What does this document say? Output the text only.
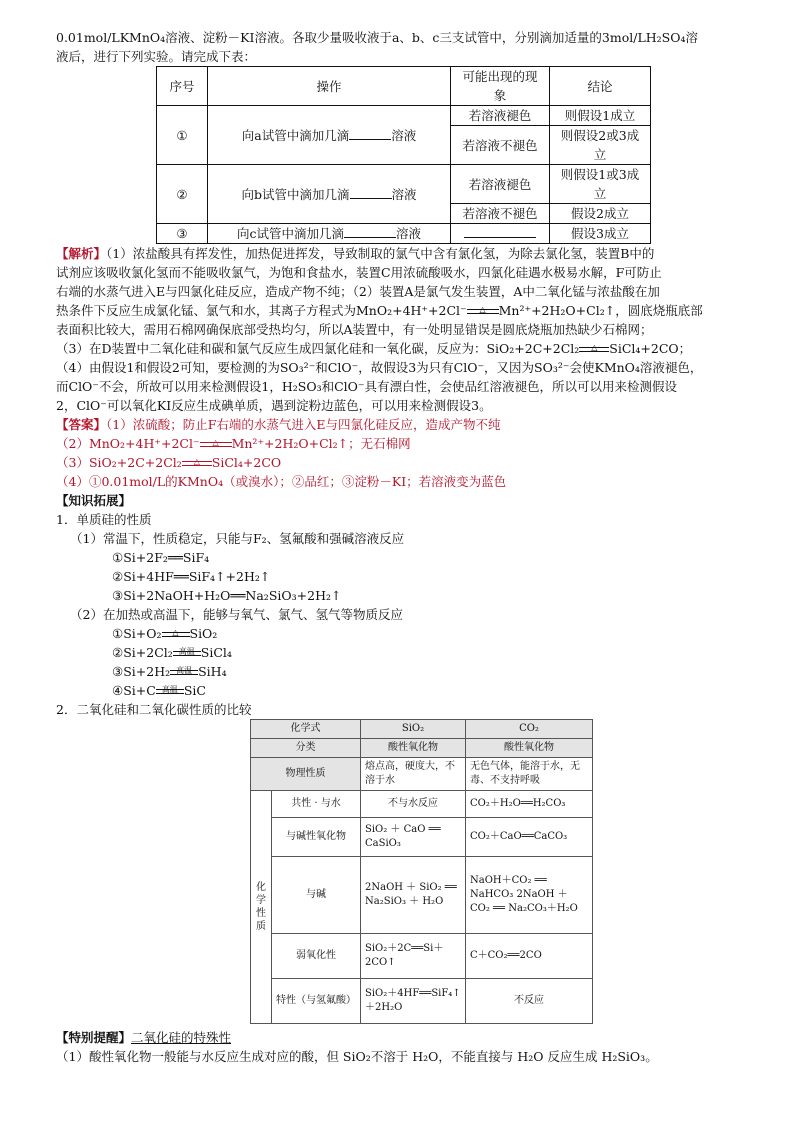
0.01mol/LKMnO₄溶液、淀粉－KI溶液。各取少量吸收液于a、b、c三支试管中，分别滴加适量的3mol/LH₂SO₄溶
液后，进行下列实验。请完成下表：
序号	操作	可能出现的现象	结论
①	向a试管中滴加几滴 溶液	若溶液褪色	则假设1成立
		若溶液不褪色	则假设2或3成立
②	向b试管中滴加几滴 溶液	若溶液褪色	则假设1或3成立
		若溶液不褪色	假设2成立
③	向c试管中滴加几滴 溶液		假设3成立
【解析】（1）浓盐酸具有挥发性，加热促进挥发，导致制取的氯气中含有氯化氢，为除去氯化氢，装置B中的
试剂应该吸收氯化氢而不能吸收氯气，为饱和食盐水，装置C用浓硫酸吸水，四氯化硅遇水极易水解，F可防止
右端的水蒸气进入E与四氯化硅反应，造成产物不纯；（2）装置A是氯气发生装置，A中二氧化锰与浓盐酸在加
热条件下反应生成氯化锰、氯气和水，其离子方程式为MnO₂+4H⁺+2Cl⁻	△	Mn²⁺+2H₂O+Cl₂↑，圆底烧瓶底部
表面积比较大，需用石棉网确保底部受热均匀，所以A装置中，有一处明显错误是圆底烧瓶加热缺少石棉网；
（3）在D装置中二氧化硅和碳和氯气反应生成四氯化硅和一氧化碳，反应为：SiO₂+2C+2Cl₂	△ SiCl₄+2CO；
（4）由假设1和假设2可知，要检测的为SO₃²⁻和ClO⁻，故假设3为只有ClO⁻，又因为SO₃²⁻会使KMnO₄溶液褪色，
而ClO⁻不会，所故可以用来检测假设1，H₂SO₃和ClO⁻具有漂白性，会使品红溶液褪色，所以可以用来检测假设
2，ClO⁻可以氧化KI反应生成碘单质，遇到淀粉边蓝色，可以用来检测假设3。
【答案】（1）浓硫酸；防止F右端的水蒸气进入E与四氯化硅反应，造成产物不纯
（2）MnO₂+4H⁺+2Cl⁻	△	Mn²⁺+2H₂O+Cl₂↑；无石棉网
（3）SiO₂+2C+2Cl₂	△ SiCl₄+2CO
（4）①0.01mol/L的KMnO₄（或溴水）；②品红；③淀粉－KI；若溶液变为蓝色
【知识拓展】
1．单质硅的性质
（1）常温下，性质稳定，只能与F₂、氢氟酸和强碱溶液反应
①Si+2F₂══SiF₄
②Si+4HF══SiF₄↑+2H₂↑
③Si+2NaOH+H₂O══Na₂SiO₃+2H₂↑
（2）在加热或高温下，能够与氧气、氯气、氢气等物质反应
①Si+O₂	△ SiO₂
②Si+2Cl₂ 高温 SiCl₄
③Si+2H₂ 高温 SiH₄
④Si+C 高温 SiC
2．二氧化硅和二氧化碳性质的比较
化学式		SiO₂	CO₂
分类		酸性氧化物	酸性氧化物
物理性质		熔点高，硬度大，不溶于水	无色气体，能溶于水，无毒、不支持呼吸
化学性质	共性 · 与水	不与水反应	CO₂＋H₂O══H₂CO₃
	与碱性氧化物	SiO₂ ＋ CaO ══ CaSiO₃	CO₂＋CaO══CaCO₃
	与碱	2NaOH ＋ SiO₂ ══ Na₂SiO₃ ＋ H₂O	NaOH＋CO₂ ══ NaHCO₃ 2NaOH ＋ CO₂ ══ Na₂CO₃＋H₂O
	弱氧化性	SiO₂＋2C══Si＋2CO↑	C＋CO₂══2CO
	特性（与氢氟酸）	SiO₂＋4HF══SiF₄↑＋2H₂O	不反应
【特别提醒】二氧化硅的特殊性
（1）酸性氧化物一般能与水反应生成对应的酸，但 SiO₂不溶于 H₂O，不能直接与 H₂O 反应生成 H₂SiO₃。
